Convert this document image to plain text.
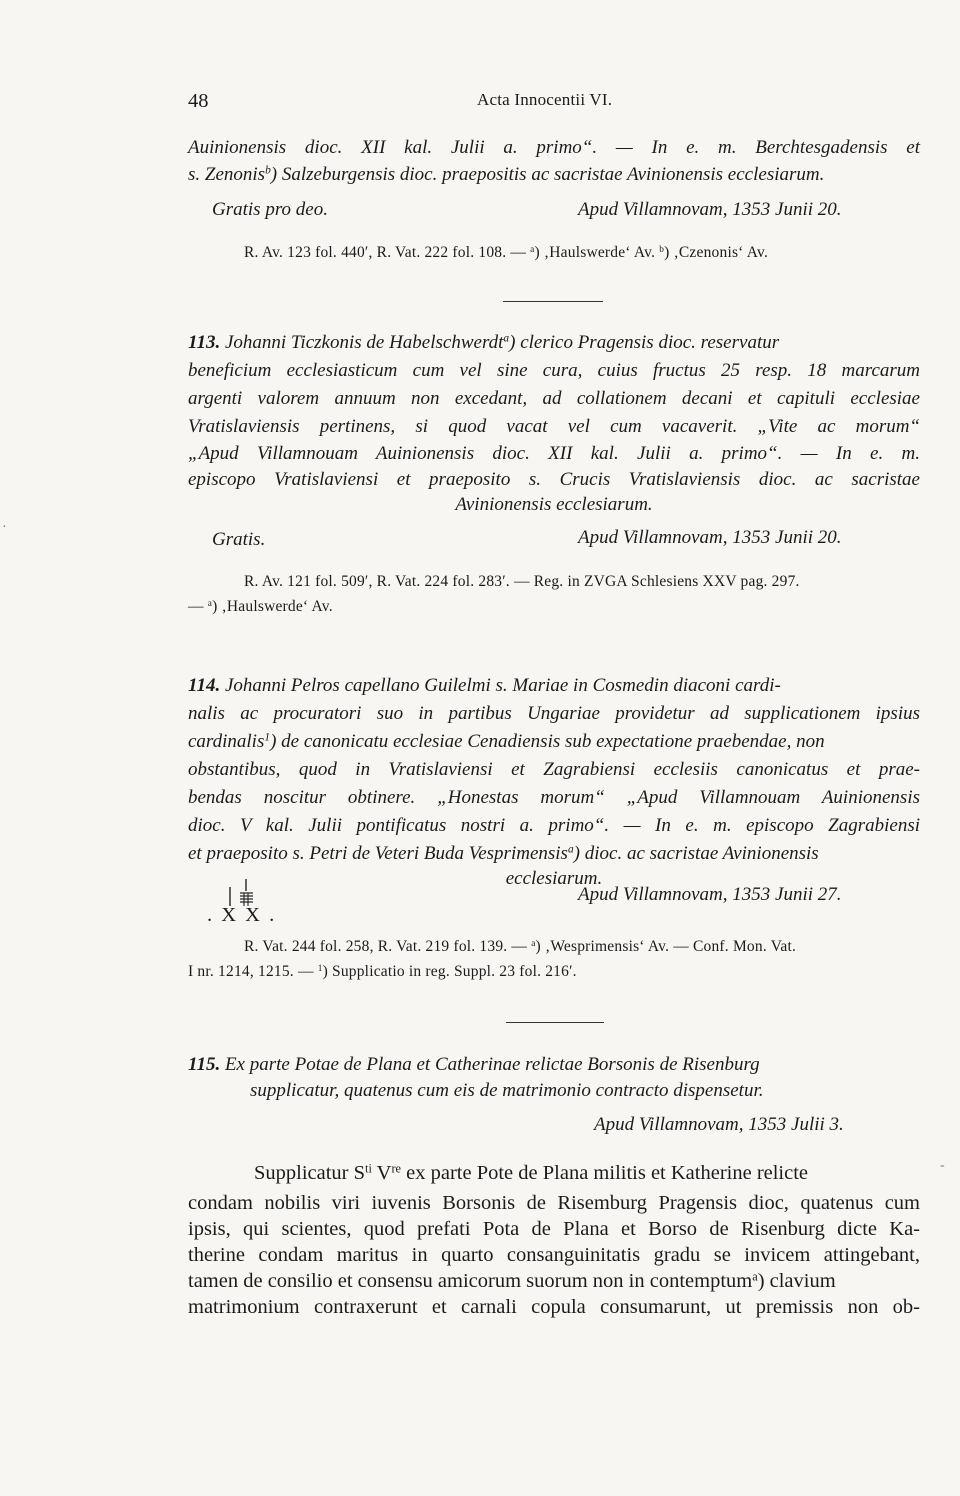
48	Acta Innocentii VI.
Auinionensis dioc. XII kal. Julii a. primo“. — In e. m. Berchtesgadensis et
s. Zenonis$^b$) Salzeburgensis dioc. praepositis ac sacristae Avinionensis ecclesiarum.
Gratis pro deo.	Apud Villamnovam, 1353 Junii 20.
R. Av. 123 fol. 440′, R. Vat. 222 fol. 108. — $^a$) ‚Haulswerde‘ Av. $^b$) ‚Czenonis‘ Av.
113. Johanni Ticzkonis de Habelschwerdt$^a$) clerico Pragensis dioc. reservatur
beneficium ecclesiasticum cum vel sine cura, cuius fructus 25 resp. 18 marcarum
argenti valorem annuum non excedant, ad collationem decani et capituli ecclesiae
Vratislaviensis pertinens, si quod vacat vel cum vacaverit. „Vite ac morum“
„Apud Villamnouam Auinionensis dioc. XII kal. Julii a. primo“. — In e. m.
episcopo Vratislaviensi et praeposito s. Crucis Vratislaviensis dioc. ac sacristae
Avinionensis ecclesiarum.
Gratis.	Apud Villamnovam, 1353 Junii 20.
R. Av. 121 fol. 509′, R. Vat. 224 fol. 283′. — Reg. in ZVGA Schlesiens XXV pag. 297.
— $^a$) ‚Haulswerde‘ Av.
114. Johanni Pelros capellano Guilelmi s. Mariae in Cosmedin diaconi cardi-
nalis ac procuratori suo in partibus Ungariae providetur ad supplicationem ipsius
cardinalis$^1$) de canonicatu ecclesiae Cenadiensis sub expectatione praebendae, non
obstantibus, quod in Vratislaviensi et Zagrabiensi ecclesiis canonicatus et prae-
bendas noscitur obtinere. „Honestas morum“ „Apud Villamnouam Auinionensis
dioc. V kal. Julii pontificatus nostri a. primo“. — In e. m. episcopo Zagrabiensi
et praeposito s. Petri de Veteri Buda Vesprimensis$^a$) dioc. ac sacristae Avinionensis
ecclesiarum.
. X X .
Apud Villamnovam, 1353 Junii 27.
R. Vat. 244 fol. 258, R. Vat. 219 fol. 139. — $^a$) ‚Wesprimensis‘ Av. — Conf. Mon. Vat.
I nr. 1214, 1215. — $^1$) Supplicatio in reg. Suppl. 23 fol. 216′.
115. Ex parte Potae de Plana et Catherinae relictae Borsonis de Risenburg
supplicatur, quatenus cum eis de matrimonio contracto dispensetur.
Apud Villamnovam, 1353 Julii 3.
Supplicatur $S^{ti}$ Vre ex parte Pote de Plana militis et Katherine relicte
condam nobilis viri iuvenis Borsonis de Risemburg Pragensis dioc, quatenus cum
ipsis, qui scientes, quod prefati Pota de Plana et Borso de Risenburg dicte Ka-
therine condam maritus in quarto consanguinitatis gradu se invicem attingebant,
tamen de consilio et consensu amicorum suorum non in contemptum$^a$) clavium
matrimonium contraxerunt et carnali copula consumarunt, ut premissis non ob-
-
·
